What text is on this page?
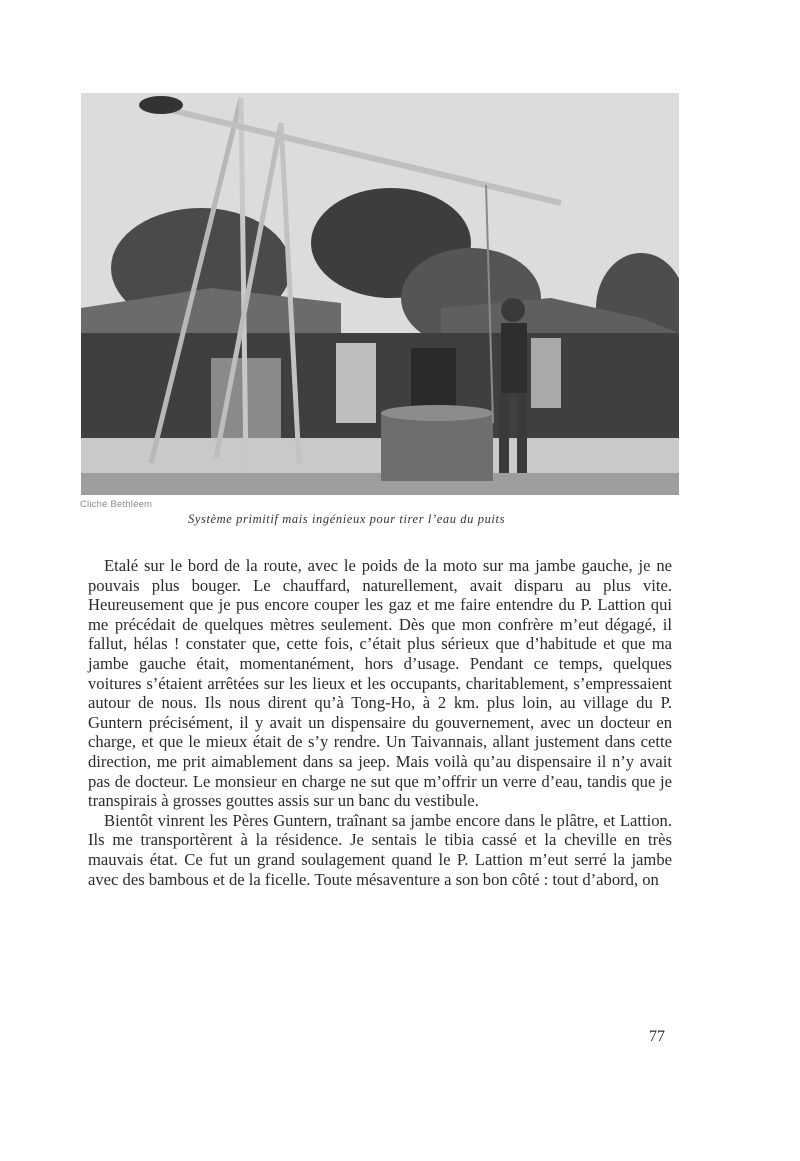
Cliché Bethléem
Système primitif mais ingénieux pour tirer l’eau du puits

Etalé sur le bord de la route, avec le poids de la moto sur ma jambe gauche, je ne pouvais plus bouger. Le chauffard, naturellement, avait disparu au plus vite. Heureusement que je pus encore couper les gaz et me faire entendre du P. Lattion qui me précédait de quelques mètres seulement. Dès que mon confrère m’eut dégagé, il fallut, hélas ! constater que, cette fois, c’était plus sérieux que d’habitude et que ma jambe gauche était, momentanément, hors d’usage. Pendant ce temps, quelques voitures s’étaient arrêtées sur les lieux et les occupants, charitablement, s’empressaient autour de nous. Ils nous dirent qu’à Tong-Ho, à 2 km. plus loin, au village du P. Guntern précisément, il y avait un dispensaire du gouvernement, avec un docteur en charge, et que le mieux était de s’y rendre. Un Taivannais, allant justement dans cette direction, me prit aimablement dans sa jeep. Mais voilà qu’au dispensaire il n’y avait pas de docteur. Le monsieur en charge ne sut que m’offrir un verre d’eau, tandis que je transpirais à grosses gouttes assis sur un banc du vestibule.

Bientôt vinrent les Pères Guntern, traînant sa jambe encore dans le plâtre, et Lattion. Ils me transportèrent à la résidence. Je sentais le tibia cassé et la cheville en très mauvais état. Ce fut un grand soulagement quand le P. Lattion m’eut serré la jambe avec des bambous et de la ficelle. Toute mésaventure a son bon côté : tout d’abord, on

77
